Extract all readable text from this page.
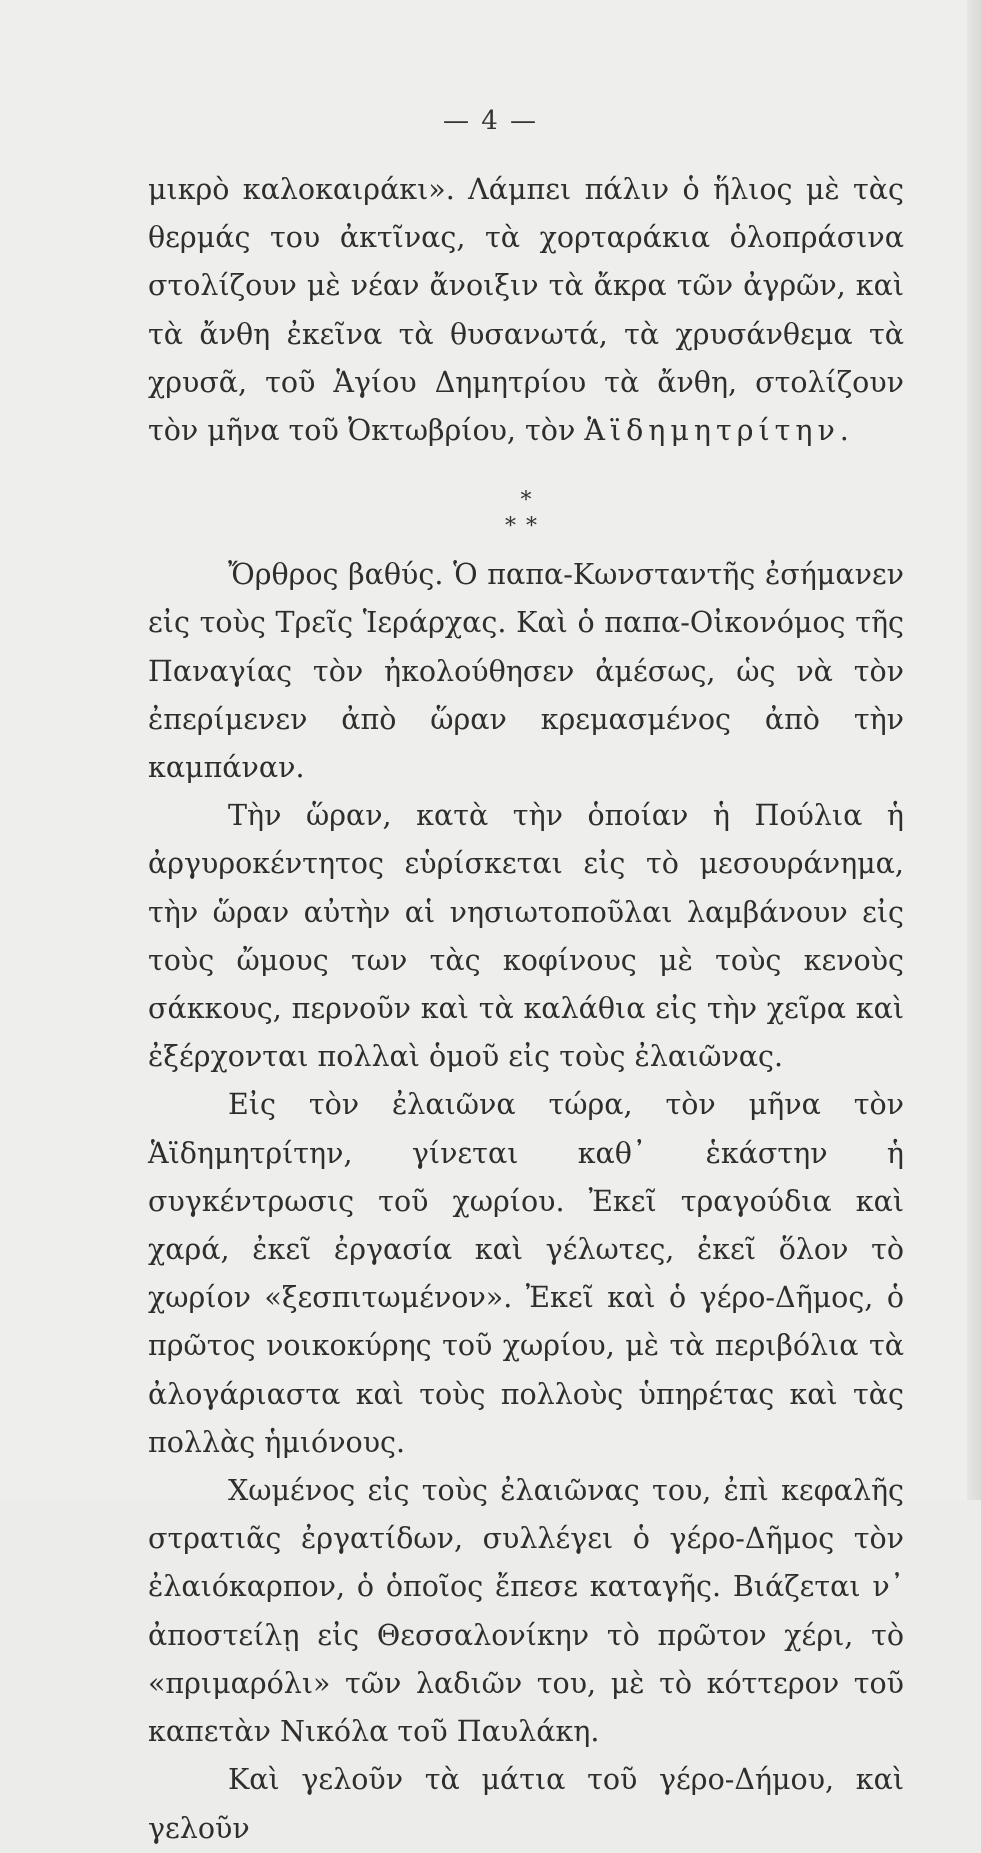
— 4 —

μικρὸ καλοκαιράκι». Λάμπει πάλιν ὁ ἥλιος μὲ τὰς θερμάς του ἀκτῖνας, τὰ χορταράκια ὁλοπράσινα στολίζουν μὲ νέαν ἄνοιξιν τὰ ἄκρα τῶν ἀγρῶν, καὶ τὰ ἄνθη ἐκεῖνα τὰ θυσανωτά, τὰ χρυσάνθεμα τὰ χρυσᾶ, τοῦ Ἁγίου Δημητρίου τὰ ἄνθη, στολίζουν τὸν μῆνα τοῦ Ὀκτωβρίου, τὸν Ἁϊδημητρίτην.

*
**

Ὄρθρος βαθύς. Ὁ παπα-Κωνσταντῆς ἐσήμανεν εἰς τοὺς Τρεῖς Ἱεράρχας. Καὶ ὁ παπα-Οἰκονόμος τῆς Παναγίας τὸν ἠκολούθησεν ἀμέσως, ὡς νὰ τὸν ἐπερίμενεν ἀπὸ ὥραν κρεμασμένος ἀπὸ τὴν καμπάναν.

Τὴν ὥραν, κατὰ τὴν ὁποίαν ἡ Πούλια ἡ ἀργυροκέντητος εὑρίσκεται εἰς τὸ μεσουράνημα, τὴν ὥραν αὐτὴν αἱ νησιωτοποῦλαι λαμβάνουν εἰς τοὺς ὤμους των τὰς κοφίνους μὲ τοὺς κενοὺς σάκκους, περνοῦν καὶ τὰ καλάθια εἰς τὴν χεῖρα καὶ ἐξέρχονται πολλαὶ ὁμοῦ εἰς τοὺς ἐλαιῶνας.

Εἰς τὸν ἐλαιῶνα τώρα, τὸν μῆνα τὸν Ἁϊδημητρίτην, γίνεται καθ᾽ ἑκάστην ἡ συγκέντρωσις τοῦ χωρίου. Ἐκεῖ τραγούδια καὶ χαρά, ἐκεῖ ἐργασία καὶ γέλωτες, ἐκεῖ ὅλον τὸ χωρίον «ξεσπιτωμένον». Ἐκεῖ καὶ ὁ γέρο-Δῆμος, ὁ πρῶτος νοικοκύρης τοῦ χωρίου, μὲ τὰ περιβόλια τὰ ἀλογάριαστα καὶ τοὺς πολλοὺς ὑπηρέτας καὶ τὰς πολλὰς ἡμιόνους.

Χωμένος εἰς τοὺς ἐλαιῶνας του, ἐπὶ κεφαλῆς στρατιᾶς ἐργατίδων, συλλέγει ὁ γέρο-Δῆμος τὸν ἐλαιόκαρπον, ὁ ὁποῖος ἔπεσε καταγῆς. Βιάζεται ν᾽ ἀποστείλῃ εἰς Θεσσαλονίκην τὸ πρῶτον χέρι, τὸ «πριμαρόλι» τῶν λαδιῶν του, μὲ τὸ κόττερον τοῦ καπετὰν Νικόλα τοῦ Παυλάκη.

Καὶ γελοῦν τὰ μάτια τοῦ γέρο-Δήμου, καὶ γελοῦν
